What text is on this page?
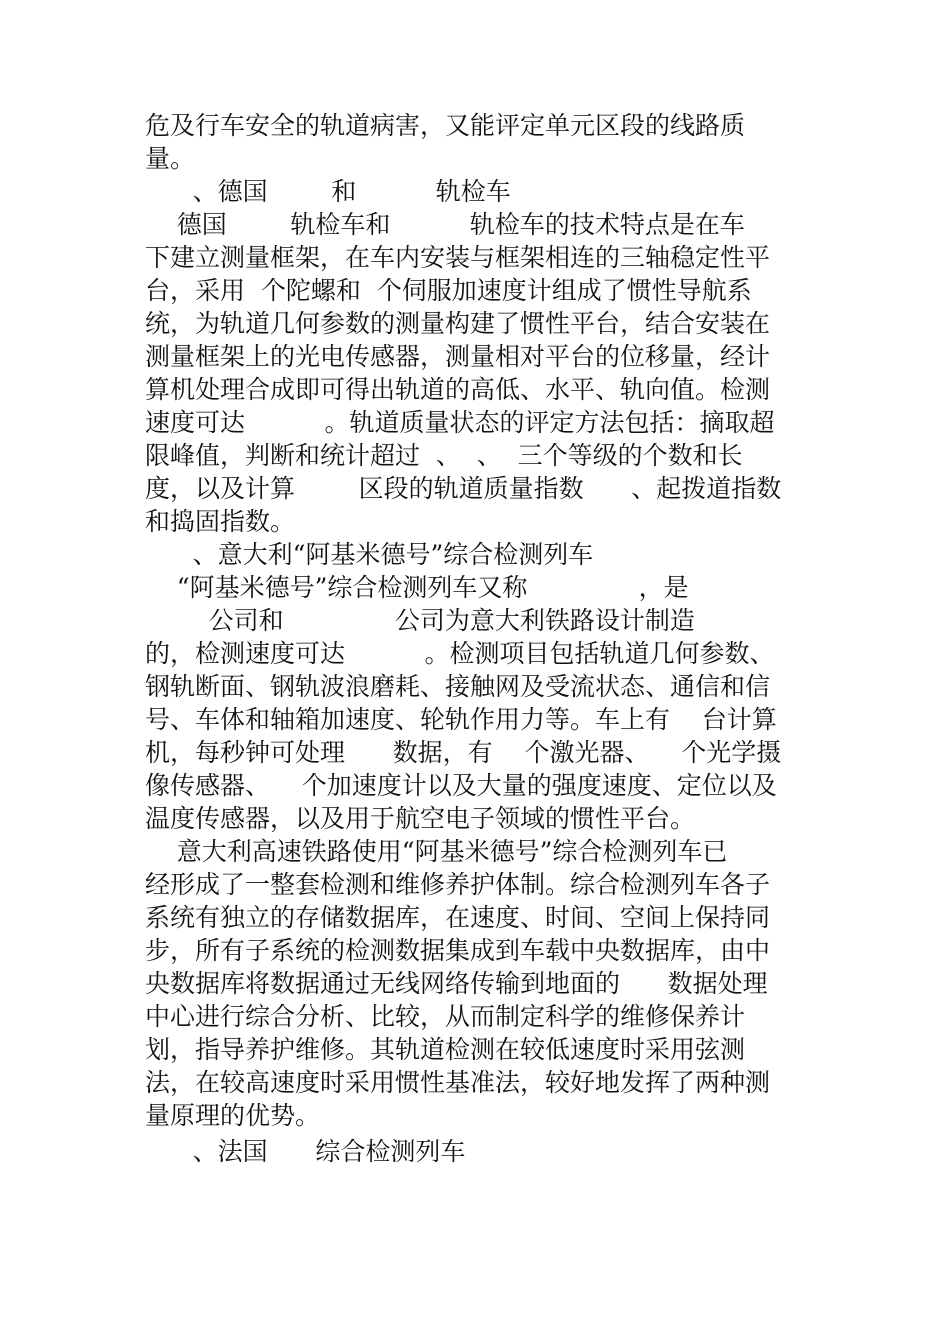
危及行车安全的轨道病害，又能评定单元区段的线路质
量。
、德国        和          轨检车
德国        轨检车和          轨检车的技术特点是在车
下建立测量框架，在车内安装与框架相连的三轴稳定性平
台，采用  个陀螺和  个伺服加速度计组成了惯性导航系
统，为轨道几何参数的测量构建了惯性平台，结合安装在
测量框架上的光电传感器，测量相对平台的位移量，经计
算机处理合成即可得出轨道的高低、水平、轨向值。检测
速度可达          。轨道质量状态的评定方法包括：摘取超
限峰值，判断和统计超过  、  、  三个等级的个数和长
度，以及计算        区段的轨道质量指数      、起拨道指数
和捣固指数。
、意大利“阿基米德号”综合检测列车
“阿基米德号”综合检测列车又称              ，是
公司和              公司为意大利铁路设计制造
的，检测速度可达          。检测项目包括轨道几何参数、
钢轨断面、钢轨波浪磨耗、接触网及受流状态、通信和信
号、车体和轴箱加速度、轮轨作用力等。车上有    台计算
机，每秒钟可处理      数据，有    个激光器、    个光学摄
像传感器、    个加速度计以及大量的强度速度、定位以及
温度传感器，以及用于航空电子领域的惯性平台。
意大利高速铁路使用“阿基米德号”综合检测列车已
经形成了一整套检测和维修养护体制。综合检测列车各子
系统有独立的存储数据库，在速度、时间、空间上保持同
步，所有子系统的检测数据集成到车载中央数据库，由中
央数据库将数据通过无线网络传输到地面的      数据处理
中心进行综合分析、比较，从而制定科学的维修保养计
划，指导养护维修。其轨道检测在较低速度时采用弦测
法，在较高速度时采用惯性基准法，较好地发挥了两种测
量原理的优势。
、法国      综合检测列车
